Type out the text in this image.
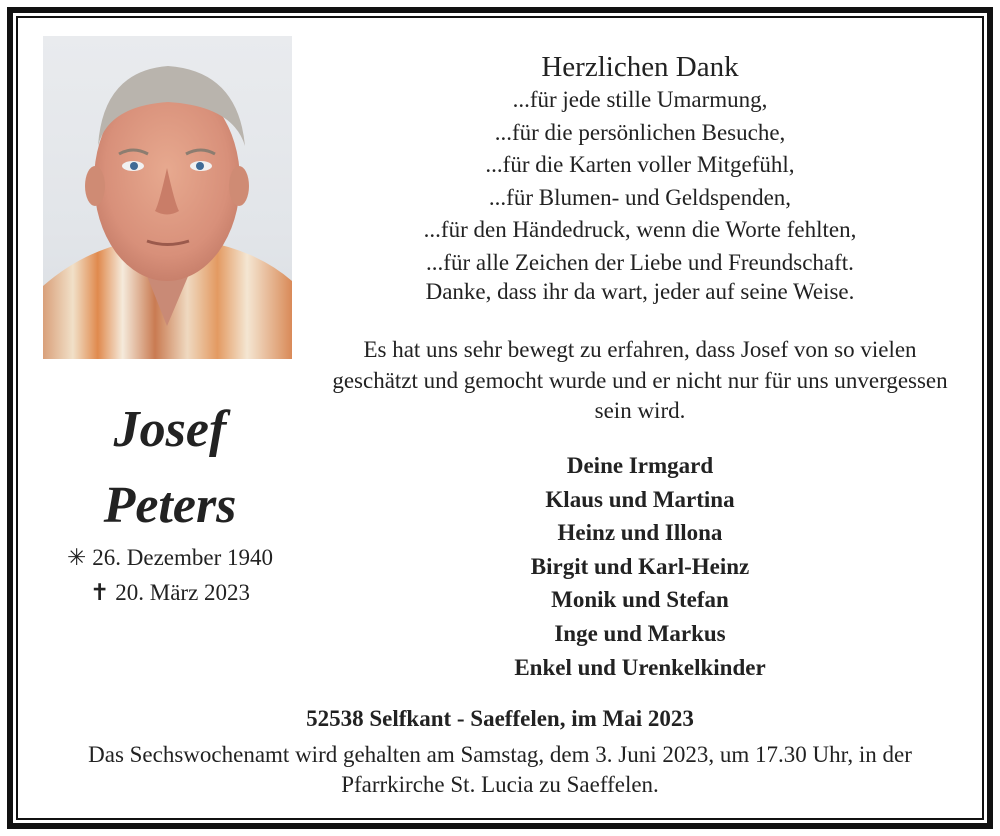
Josef
Peters
✳ 26. Dezember 1940
✝ 20. März 2023
Herzlichen Dank
...für jede stille Umarmung,
...für die persönlichen Besuche,
...für die Karten voller Mitgefühl,
...für Blumen- und Geldspenden,
...für den Händedruck, wenn die Worte fehlten,
...für alle Zeichen der Liebe und Freundschaft.
Danke, dass ihr da wart, jeder auf seine Weise.
Es hat uns sehr bewegt zu erfahren, dass Josef von so vielen geschätzt und gemocht wurde und er nicht nur für uns unvergessen sein wird.
Deine Irmgard
Klaus und Martina
Heinz und Illona
Birgit und Karl-Heinz
Monik und Stefan
Inge und Markus
Enkel und Urenkelkinder
52538 Selfkant - Saeffelen, im Mai 2023
Das Sechswochenamt wird gehalten am Samstag, dem 3. Juni 2023, um 17.30 Uhr, in der Pfarrkirche St. Lucia zu Saeffelen.
